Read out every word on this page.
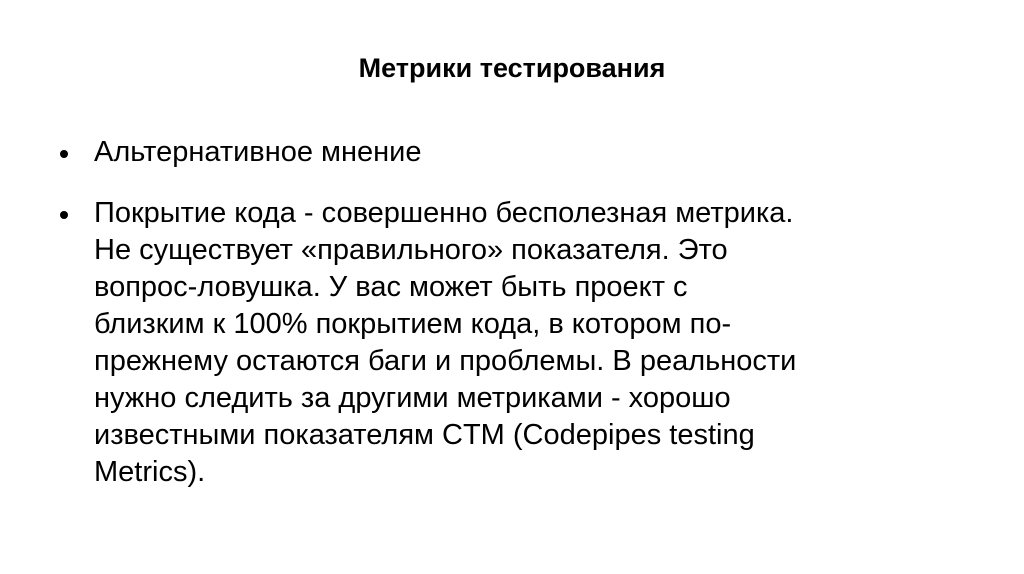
Метрики тестирования
Альтернативное мнение
Покрытие кода - совершенно бесполезная метрика.
Не существует «правильного» показателя. Это
вопрос-ловушка. У вас может быть проект с
близким к 100% покрытием кода, в котором по-
прежнему остаются баги и проблемы. В реальности
нужно следить за другими метриками - хорошо
известными показателям CTM (Codepipes testing
Metrics).
